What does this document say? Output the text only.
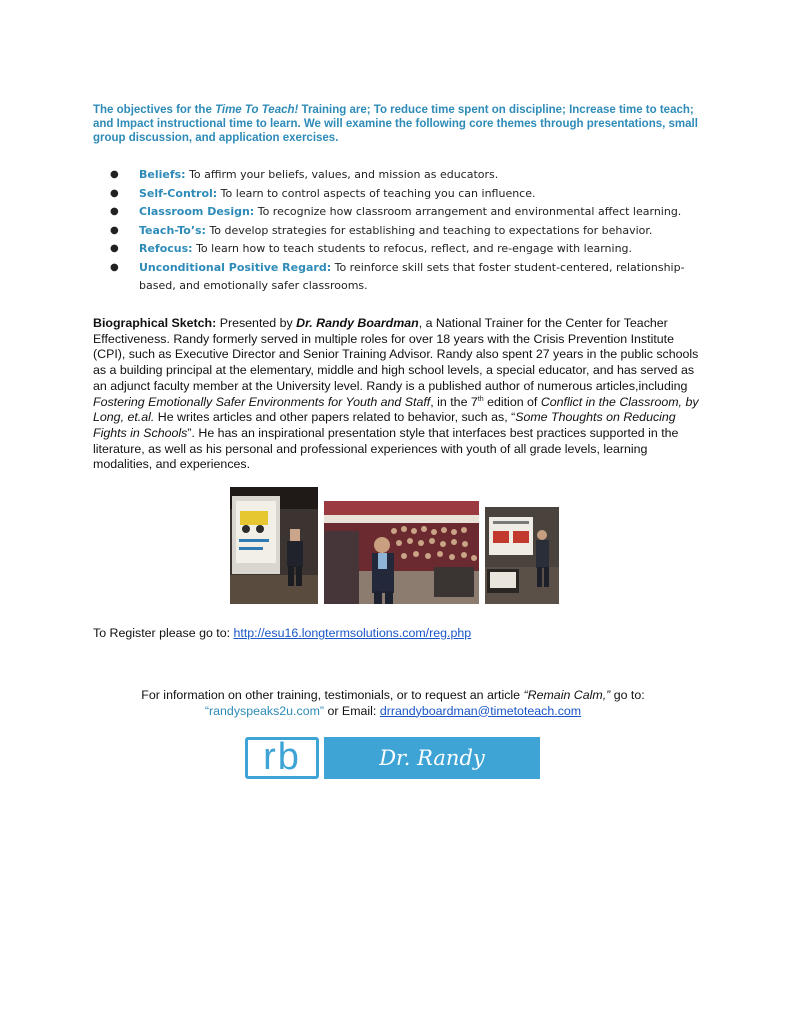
The objectives for the Time To Teach! Training are; To reduce time spent on discipline; Increase time to teach; and Impact instructional time to learn. We will examine the following core themes through presentations, small group discussion, and application exercises.
● Beliefs: To affirm your beliefs, values, and mission as educators.
● Self-Control: To learn to control aspects of teaching you can influence.
● Classroom Design: To recognize how classroom arrangement and environmental affect learning.
● Teach-To’s: To develop strategies for establishing and teaching to expectations for behavior.
● Refocus: To learn how to teach students to refocus, reflect, and re-engage with learning.
● Unconditional Positive Regard: To reinforce skill sets that foster student-centered, relationship-based, and emotionally safer classrooms.
Biographical Sketch: Presented by Dr. Randy Boardman, a National Trainer for the Center for Teacher Effectiveness. Randy formerly served in multiple roles for over 18 years with the Crisis Prevention Institute (CPI), such as Executive Director and Senior Training Advisor. Randy also spent 27 years in the public schools as a building principal at the elementary, middle and high school levels, a special educator, and has served as an adjunct faculty member at the University level. Randy is a published author of numerous articles,including Fostering Emotionally Safer Environments for Youth and Staff, in the 7th edition of Conflict in the Classroom, by Long, et.al. He writes articles and other papers related to behavior, such as, “Some Thoughts on Reducing Fights in Schools”. He has an inspirational presentation style that interfaces best practices supported in the literature, as well as his personal and professional experiences with youth of all grade levels, learning modalities, and experiences.
To Register please go to: http://esu16.longtermsolutions.com/reg.php
For information on other training, testimonials, or to request an article “Remain Calm,” go to:
“randyspeaks2u.com” or Email: drrandyboardman@timetoteach.com
rb	Dr. Randy Boardman
